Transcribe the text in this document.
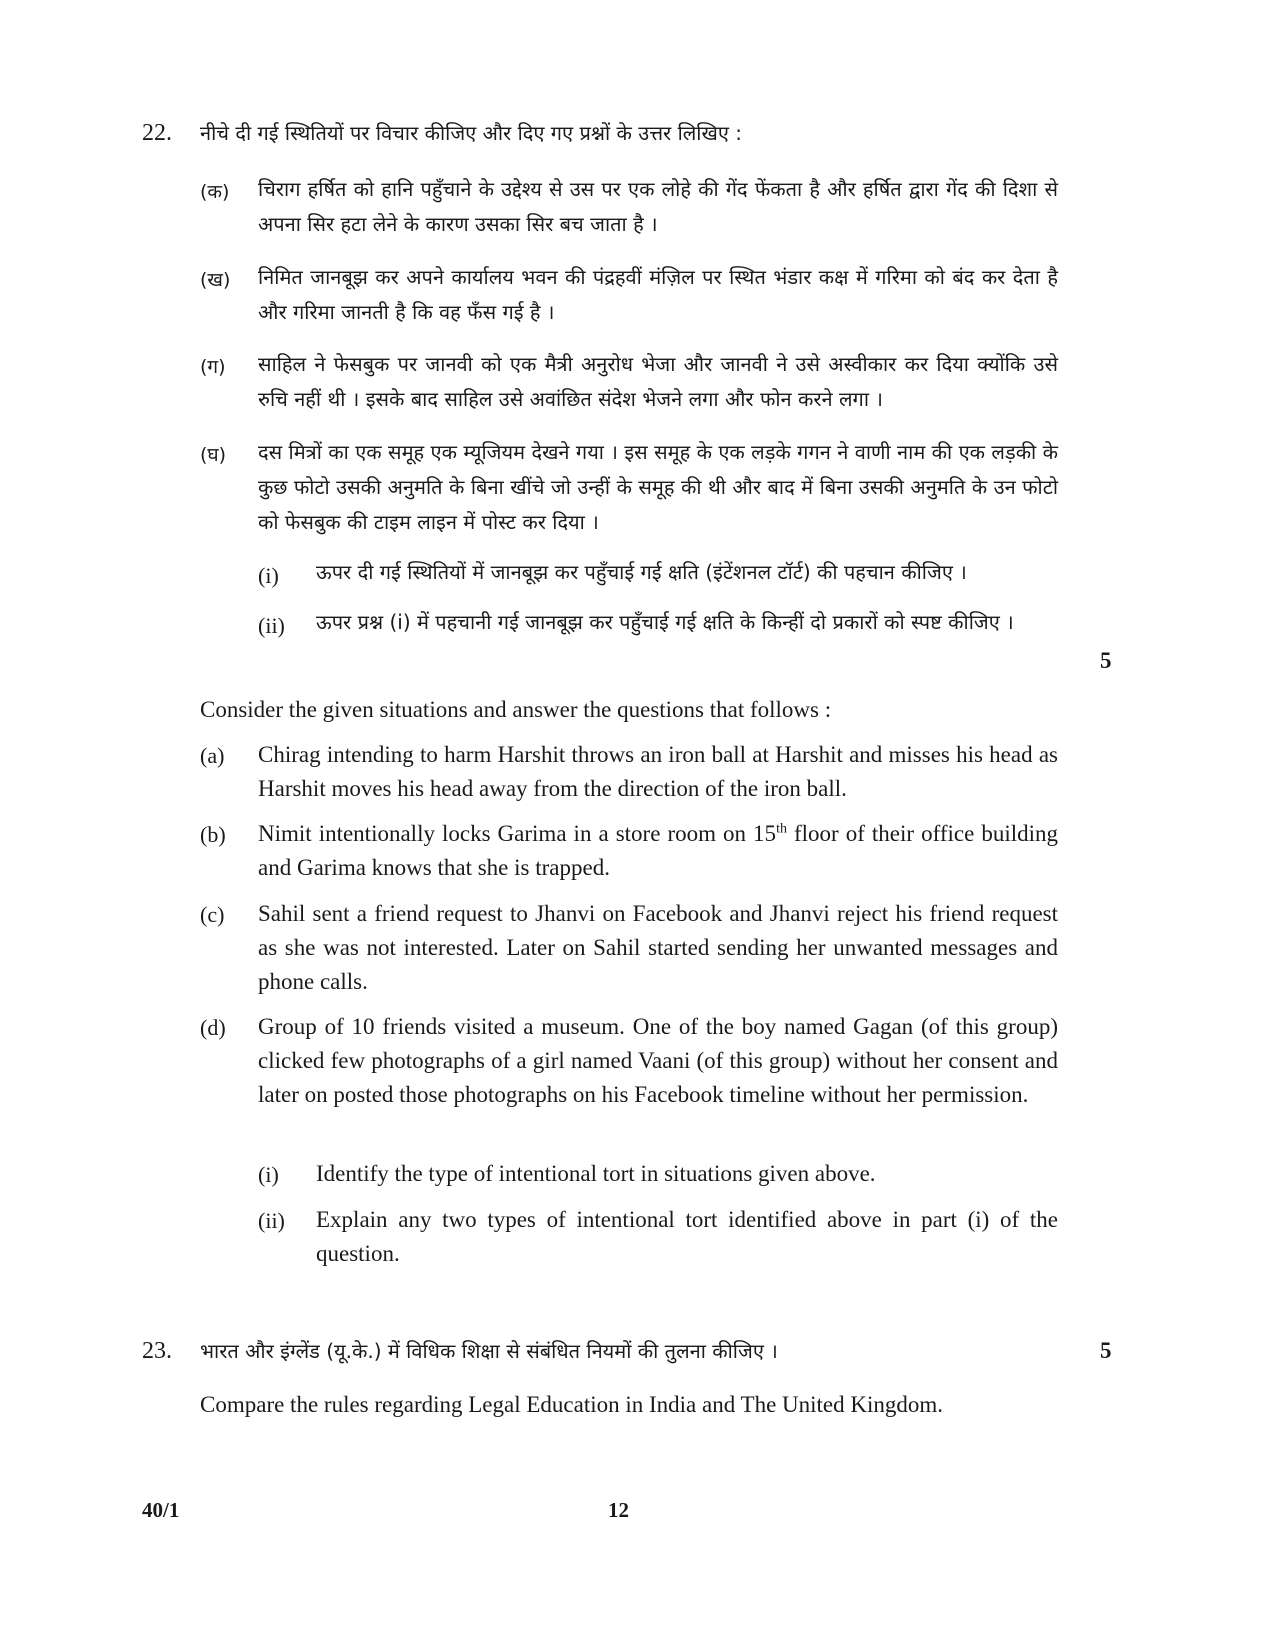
22. नीचे दी गई स्थितियों पर विचार कीजिए और दिए गए प्रश्नों के उत्तर लिखिए :
(क) चिराग हर्षित को हानि पहुँचाने के उद्देश्य से उस पर एक लोहे की गेंद फेंकता है और हर्षित द्वारा गेंद की दिशा से अपना सिर हटा लेने के कारण उसका सिर बच जाता है ।
(ख) निमित जानबूझ कर अपने कार्यालय भवन की पंद्रहवीं मंज़िल पर स्थित भंडार कक्ष में गरिमा को बंद कर देता है और गरिमा जानती है कि वह फँस गई है ।
(ग) साहिल ने फेसबुक पर जानवी को एक मैत्री अनुरोध भेजा और जानवी ने उसे अस्वीकार कर दिया क्योंकि उसे रुचि नहीं थी । इसके बाद साहिल उसे अवांछित संदेश भेजने लगा और फोन करने लगा ।
(घ) दस मित्रों का एक समूह एक म्यूजियम देखने गया । इस समूह के एक लड़के गगन ने वाणी नाम की एक लड़की के कुछ फोटो उसकी अनुमति के बिना खींचे जो उन्हीं के समूह की थी और बाद में बिना उसकी अनुमति के उन फोटो को फेसबुक की टाइम लाइन में पोस्ट कर दिया ।
(i) ऊपर दी गई स्थितियों में जानबूझ कर पहुँचाई गई क्षति (इंटेंशनल टॉर्ट) की पहचान कीजिए ।
(ii) ऊपर प्रश्न (i) में पहचानी गई जानबूझ कर पहुँचाई गई क्षति के किन्हीं दो प्रकारों को स्पष्ट कीजिए ।
5
Consider the given situations and answer the questions that follows :
(a) Chirag intending to harm Harshit throws an iron ball at Harshit and misses his head as Harshit moves his head away from the direction of the iron ball.
(b) Nimit intentionally locks Garima in a store room on 15th floor of their office building and Garima knows that she is trapped.
(c) Sahil sent a friend request to Jhanvi on Facebook and Jhanvi reject his friend request as she was not interested. Later on Sahil started sending her unwanted messages and phone calls.
(d) Group of 10 friends visited a museum. One of the boy named Gagan (of this group) clicked few photographs of a girl named Vaani (of this group) without her consent and later on posted those photographs on his Facebook timeline without her permission.
(i) Identify the type of intentional tort in situations given above.
(ii) Explain any two types of intentional tort identified above in part (i) of the question.
23. भारत और इंग्लेंड (यू.के.) में विधिक शिक्षा से संबंधित नियमों की तुलना कीजिए ।	5
Compare the rules regarding Legal Education in India and The United Kingdom.
40/1	12
